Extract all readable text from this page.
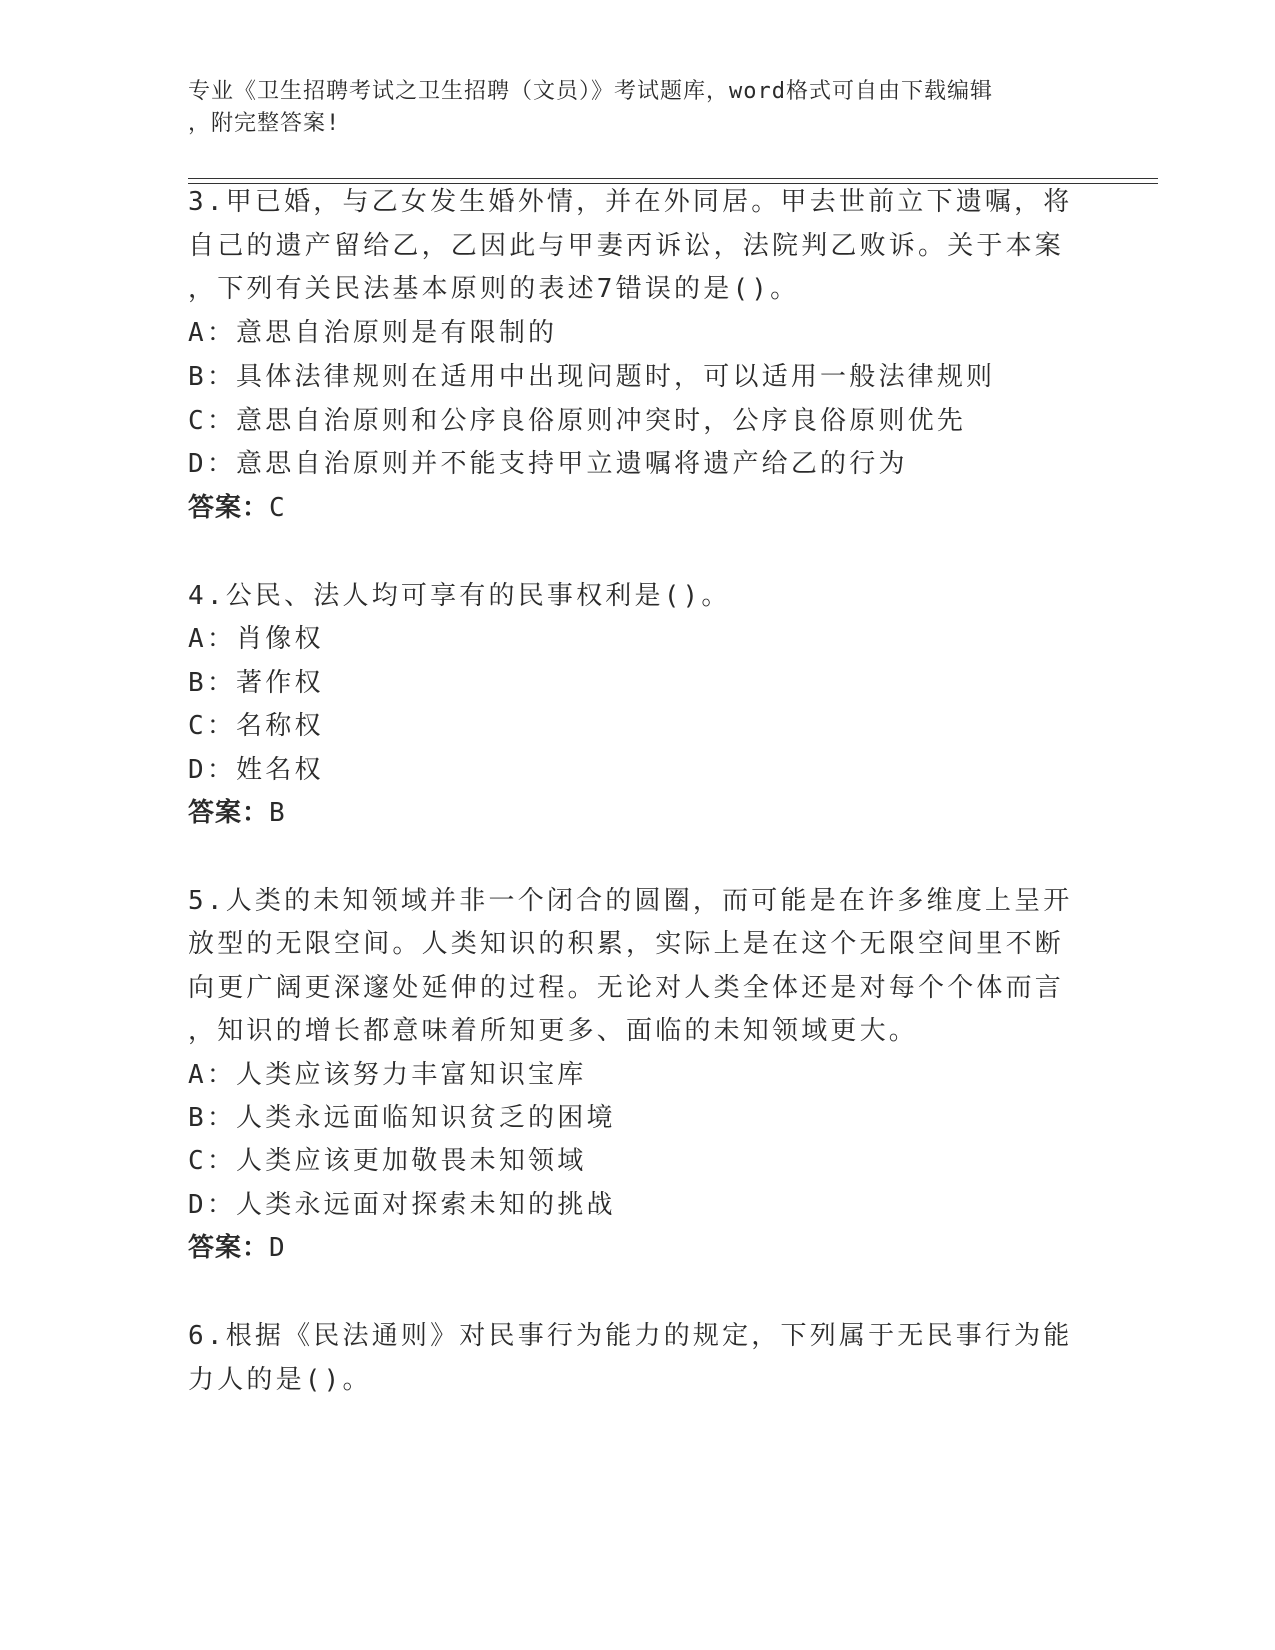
专业《卫生招聘考试之卫生招聘（文员）》考试题库，word格式可自由下载编辑
，附完整答案!
3.甲已婚，与乙女发生婚外情，并在外同居。甲去世前立下遗嘱，将
自己的遗产留给乙，乙因此与甲妻丙诉讼，法院判乙败诉。关于本案
，下列有关民法基本原则的表述7错误的是()。
A：意思自治原则是有限制的
B：具体法律规则在适用中出现问题时，可以适用一般法律规则
C：意思自治原则和公序良俗原则冲突时，公序良俗原则优先
D：意思自治原则并不能支持甲立遗嘱将遗产给乙的行为
答案：C
4.公民、法人均可享有的民事权利是()。
A：肖像权
B：著作权
C：名称权
D：姓名权
答案：B
5.人类的未知领域并非一个闭合的圆圈，而可能是在许多维度上呈开
放型的无限空间。人类知识的积累，实际上是在这个无限空间里不断
向更广阔更深邃处延伸的过程。无论对人类全体还是对每个个体而言
，知识的增长都意味着所知更多、面临的未知领域更大。
A：人类应该努力丰富知识宝库
B：人类永远面临知识贫乏的困境
C：人类应该更加敬畏未知领域
D：人类永远面对探索未知的挑战
答案：D
6.根据《民法通则》对民事行为能力的规定，下列属于无民事行为能
力人的是()。
